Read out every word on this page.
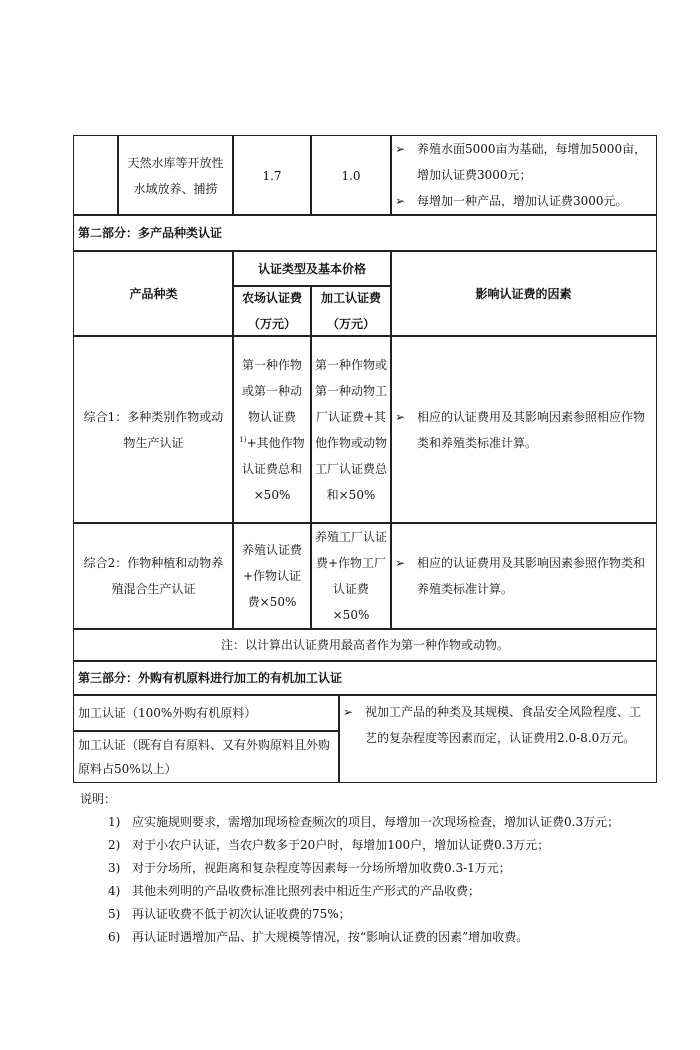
天然水库等开放性水域放养、捕捞
1.7	1.0
➢ 养殖水面5000亩为基础，每增加5000亩，增加认证费3000元；
➢ 每增加一种产品，增加认证费3000元。
第二部分：多产品种类认证
产品种类
认证类型及基本价格
农场认证费（万元）
加工认证费（万元）
影响认证费的因素
综合1：多种类别作物或动物生产认证
第一种作物或第一种动物认证费$^{1)}$+其他作物认证费总和×50%
第一种作物或第一种动物工厂认证费+其他作物或动物工厂认证费总和×50%
➢ 相应的认证费用及其影响因素参照相应作物类和养殖类标准计算。
综合2：作物种植和动物养殖混合生产认证
养殖认证费+作物认证费×50%
养殖工厂认证费+作物工厂认证费×50%
➢ 相应的认证费用及其影响因素参照作物类和养殖类标准计算。
注：以计算出认证费用最高者作为第一种作物或动物。
第三部分：外购有机原料进行加工的有机加工认证
加工认证（100%外购有机原料）
加工认证（既有自有原料、又有外购原料且外购原料占50%以上）
➢ 视加工产品的种类及其规模、食品安全风险程度、工艺的复杂程度等因素而定，认证费用2.0-8.0万元。
说明：
1) 应实施规则要求，需增加现场检查频次的项目，每增加一次现场检查，增加认证费0.3万元；
2) 对于小农户认证，当农户数多于20户时，每增加100户，增加认证费0.3万元；
3) 对于分场所，视距离和复杂程度等因素每一分场所增加收费0.3-1万元；
4) 其他未列明的产品收费标准比照列表中相近生产形式的产品收费；
5) 再认证收费不低于初次认证收费的75%；
6) 再认证时遇增加产品、扩大规模等情况，按“影响认证费的因素”增加收费。
